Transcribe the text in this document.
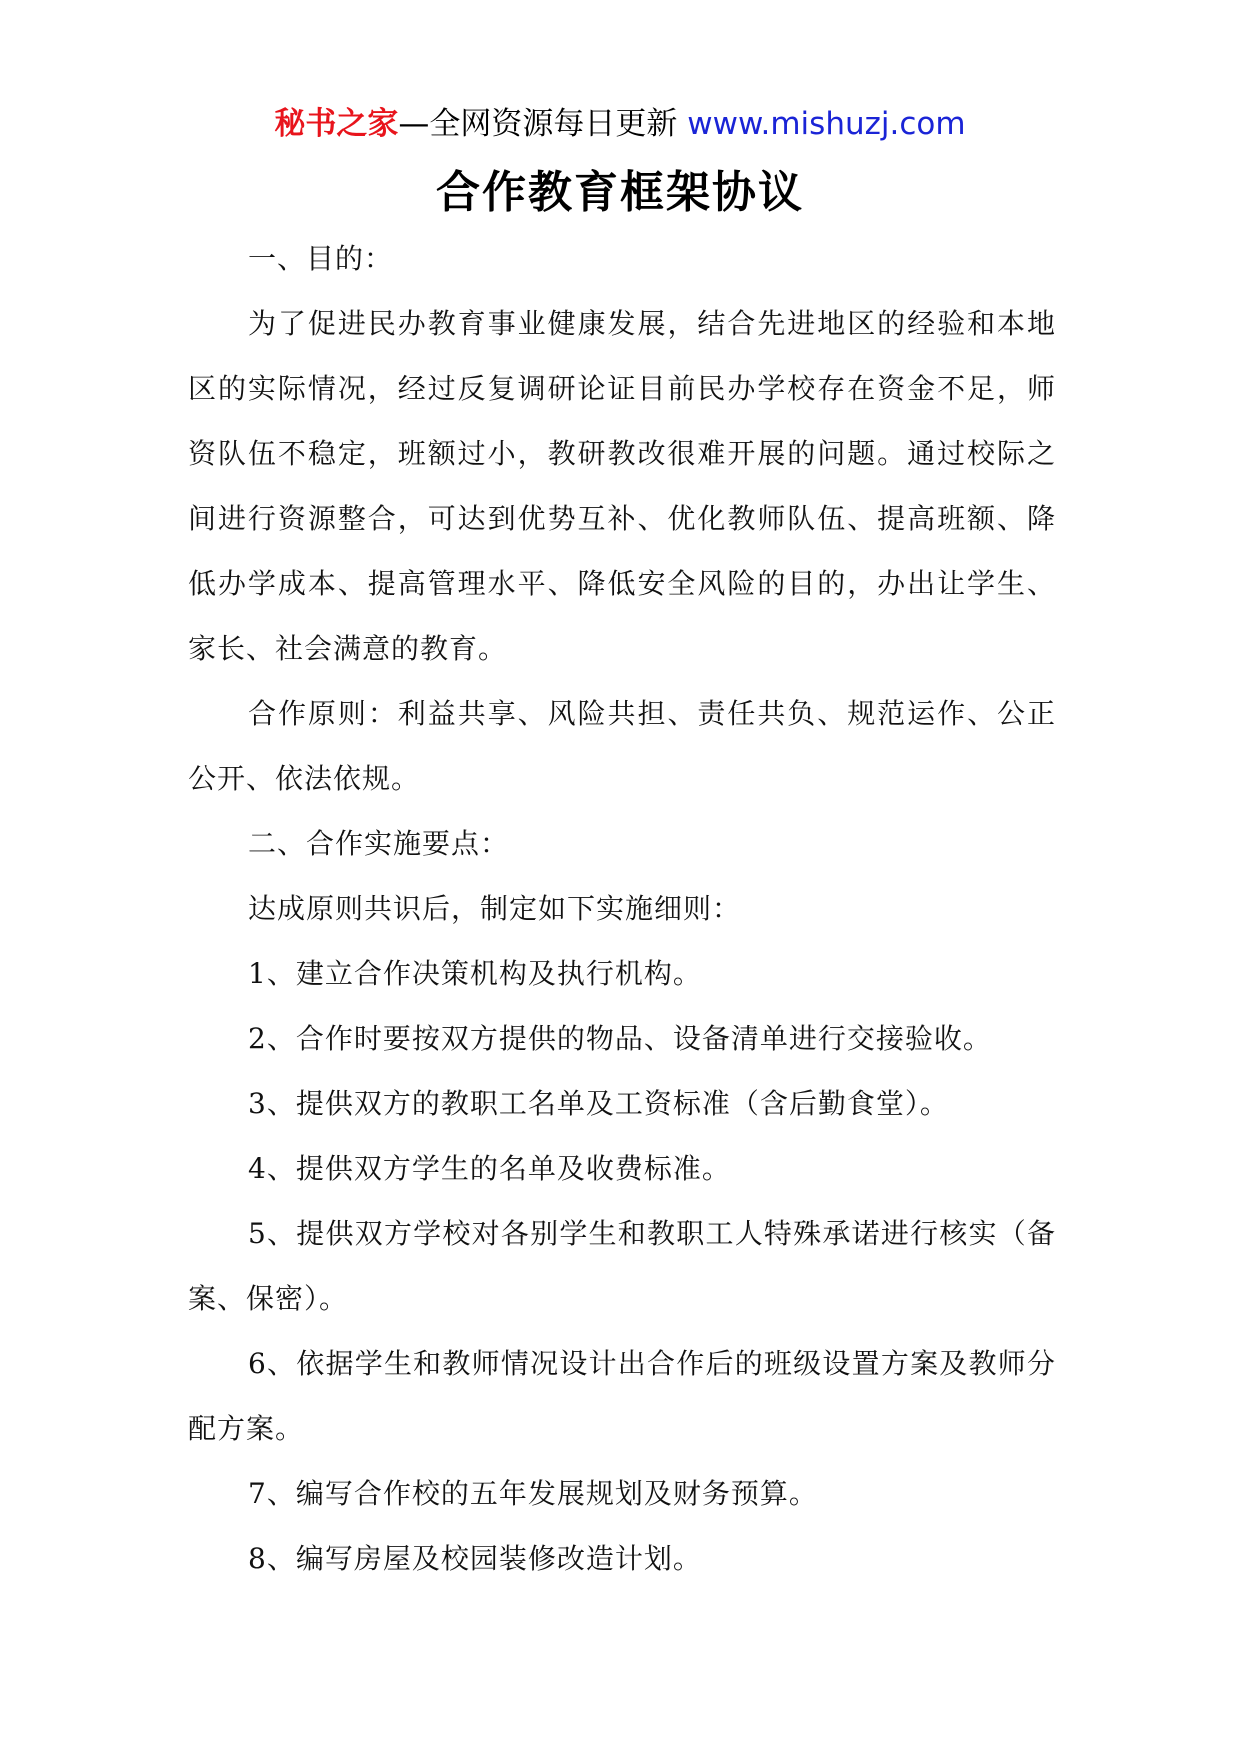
秘书之家—全网资源每日更新 www.mishuzj.com
合作教育框架协议

一、目的：

为了促进民办教育事业健康发展，结合先进地区的经验和本地区的实际情况，经过反复调研论证目前民办学校存在资金不足，师资队伍不稳定，班额过小，教研教改很难开展的问题。通过校际之间进行资源整合，可达到优势互补、优化教师队伍、提高班额、降低办学成本、提高管理水平、降低安全风险的目的，办出让学生、家长、社会满意的教育。

合作原则：利益共享、风险共担、责任共负、规范运作、公正公开、依法依规。

二、合作实施要点：

达成原则共识后，制定如下实施细则：

1、建立合作决策机构及执行机构。

2、合作时要按双方提供的物品、设备清单进行交接验收。

3、提供双方的教职工名单及工资标准（含后勤食堂）。

4、提供双方学生的名单及收费标准。

5、提供双方学校对各别学生和教职工人特殊承诺进行核实（备案、保密）。

6、依据学生和教师情况设计出合作后的班级设置方案及教师分配方案。

7、编写合作校的五年发展规划及财务预算。

8、编写房屋及校园装修改造计划。
